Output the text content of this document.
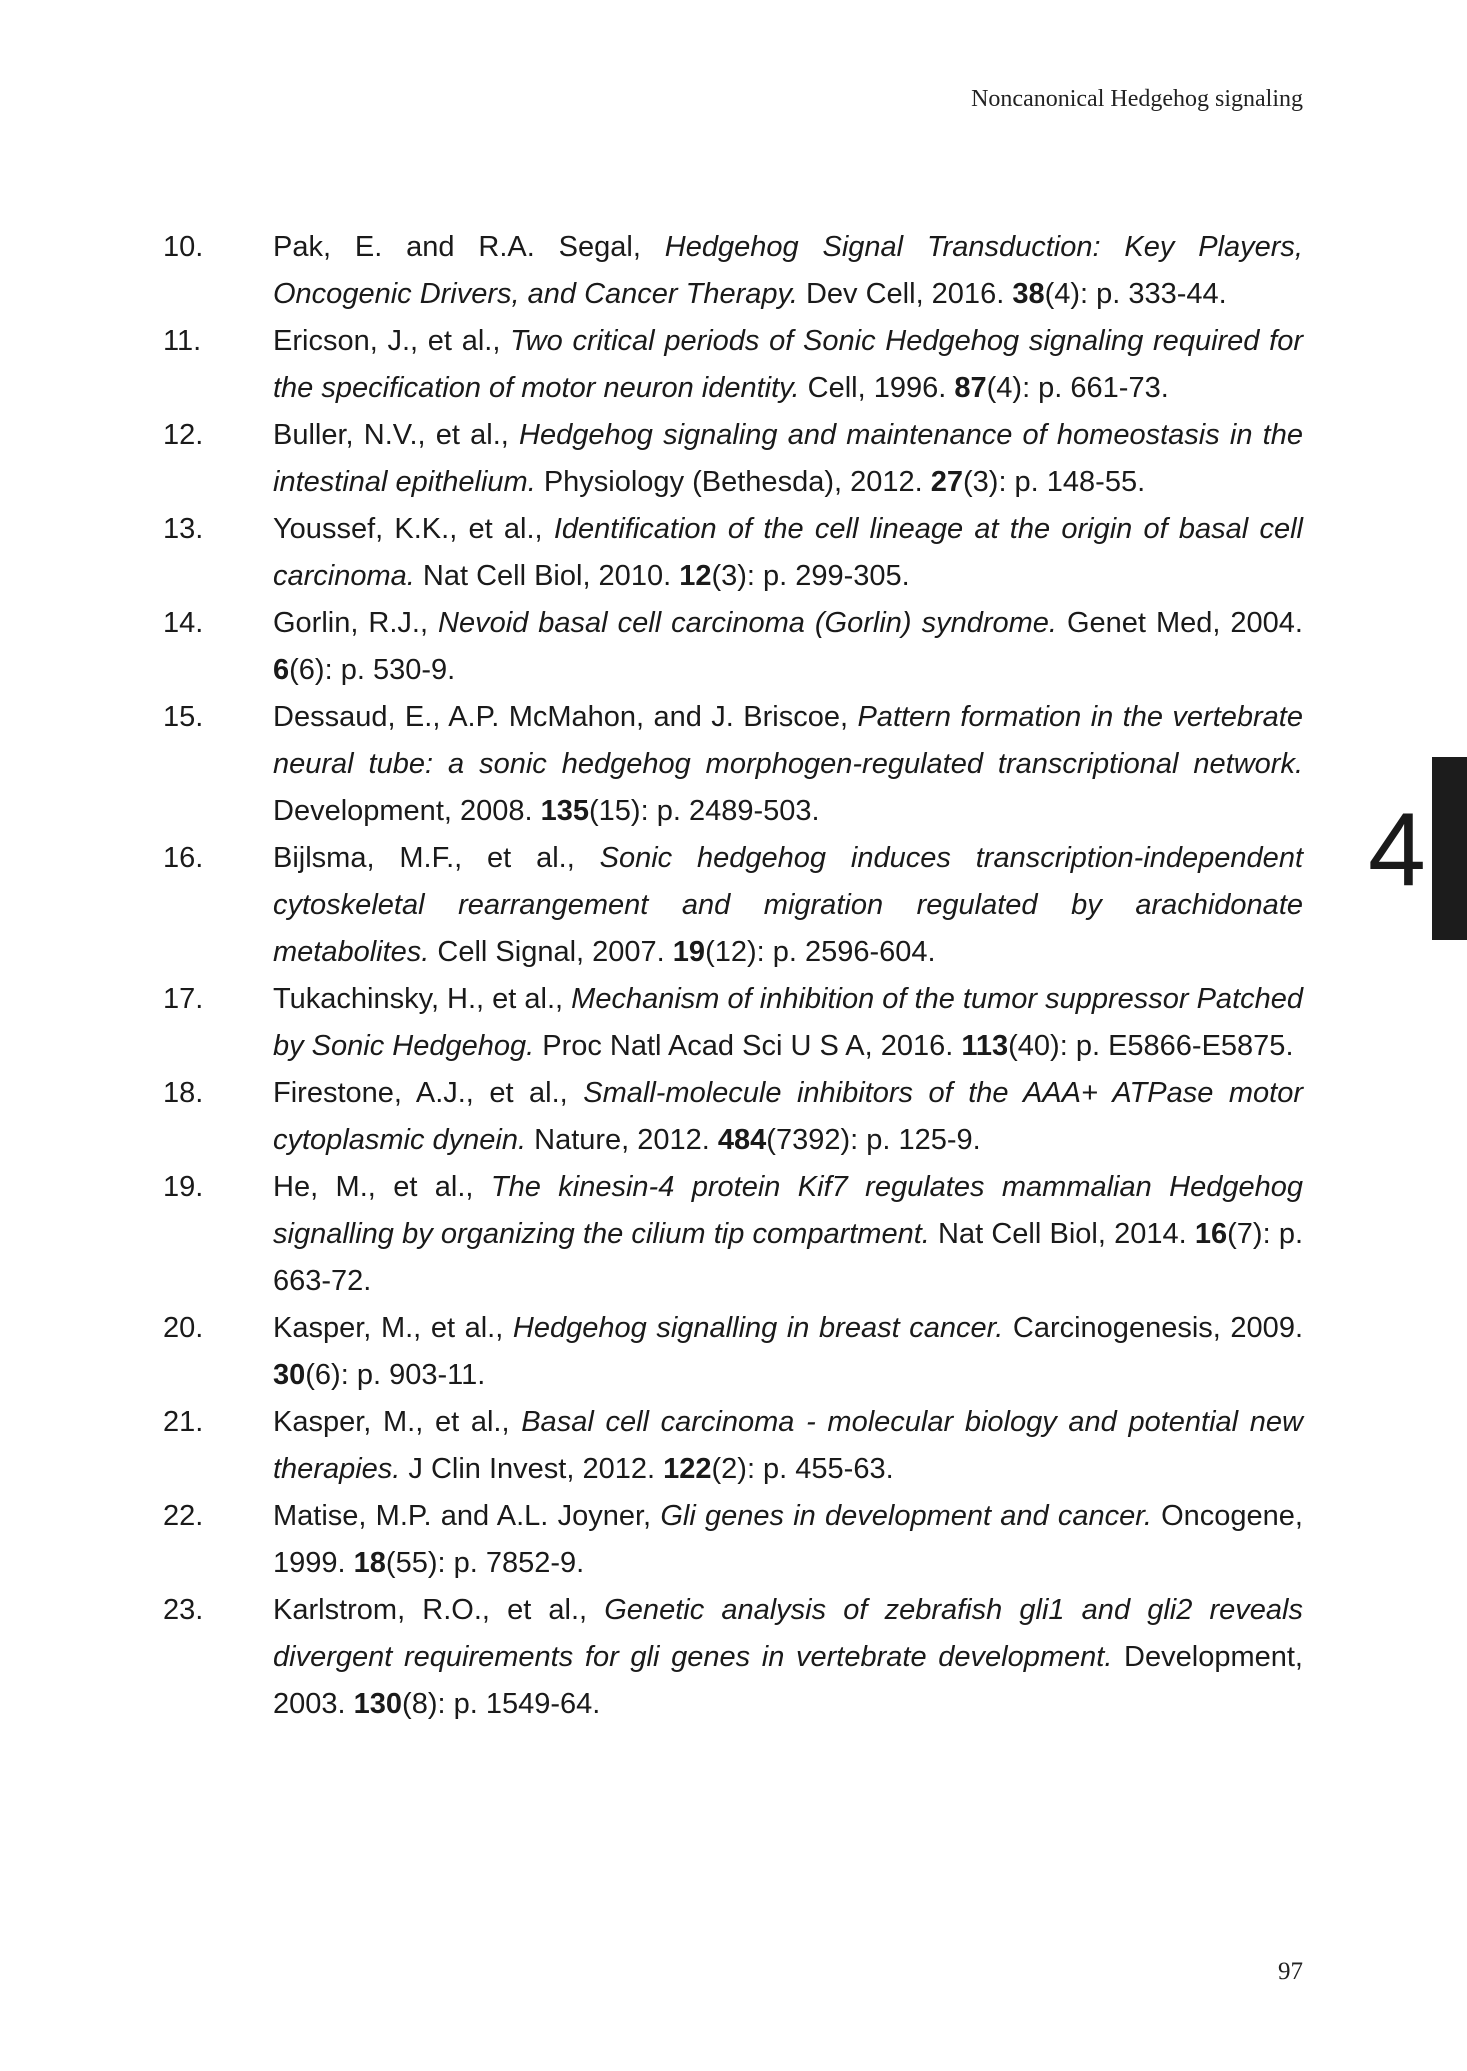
Noncanonical Hedgehog signaling
10.	Pak, E. and R.A. Segal, Hedgehog Signal Transduction: Key Players, Oncogenic Drivers, and Cancer Therapy. Dev Cell, 2016. 38(4): p. 333-44.
11.	Ericson, J., et al., Two critical periods of Sonic Hedgehog signaling required for the specification of motor neuron identity. Cell, 1996. 87(4): p. 661-73.
12.	Buller, N.V., et al., Hedgehog signaling and maintenance of homeostasis in the intestinal epithelium. Physiology (Bethesda), 2012. 27(3): p. 148-55.
13.	Youssef, K.K., et al., Identification of the cell lineage at the origin of basal cell carcinoma. Nat Cell Biol, 2010. 12(3): p. 299-305.
14.	Gorlin, R.J., Nevoid basal cell carcinoma (Gorlin) syndrome. Genet Med, 2004. 6(6): p. 530-9.
15.	Dessaud, E., A.P. McMahon, and J. Briscoe, Pattern formation in the vertebrate neural tube: a sonic hedgehog morphogen-regulated transcriptional network. Development, 2008. 135(15): p. 2489-503.
16.	Bijlsma, M.F., et al., Sonic hedgehog induces transcription-independent cytoskeletal rearrangement and migration regulated by arachidonate metabolites. Cell Signal, 2007. 19(12): p. 2596-604.
17.	Tukachinsky, H., et al., Mechanism of inhibition of the tumor suppressor Patched by Sonic Hedgehog. Proc Natl Acad Sci U S A, 2016. 113(40): p. E5866-E5875.
18.	Firestone, A.J., et al., Small-molecule inhibitors of the AAA+ ATPase motor cytoplasmic dynein. Nature, 2012. 484(7392): p. 125-9.
19.	He, M., et al., The kinesin-4 protein Kif7 regulates mammalian Hedgehog signalling by organizing the cilium tip compartment. Nat Cell Biol, 2014. 16(7): p. 663-72.
20.	Kasper, M., et al., Hedgehog signalling in breast cancer. Carcinogenesis, 2009. 30(6): p. 903-11.
21.	Kasper, M., et al., Basal cell carcinoma - molecular biology and potential new therapies. J Clin Invest, 2012. 122(2): p. 455-63.
22.	Matise, M.P. and A.L. Joyner, Gli genes in development and cancer. Oncogene, 1999. 18(55): p. 7852-9.
23.	Karlstrom, R.O., et al., Genetic analysis of zebrafish gli1 and gli2 reveals divergent requirements for gli genes in vertebrate development. Development, 2003. 130(8): p. 1549-64.
4
97
